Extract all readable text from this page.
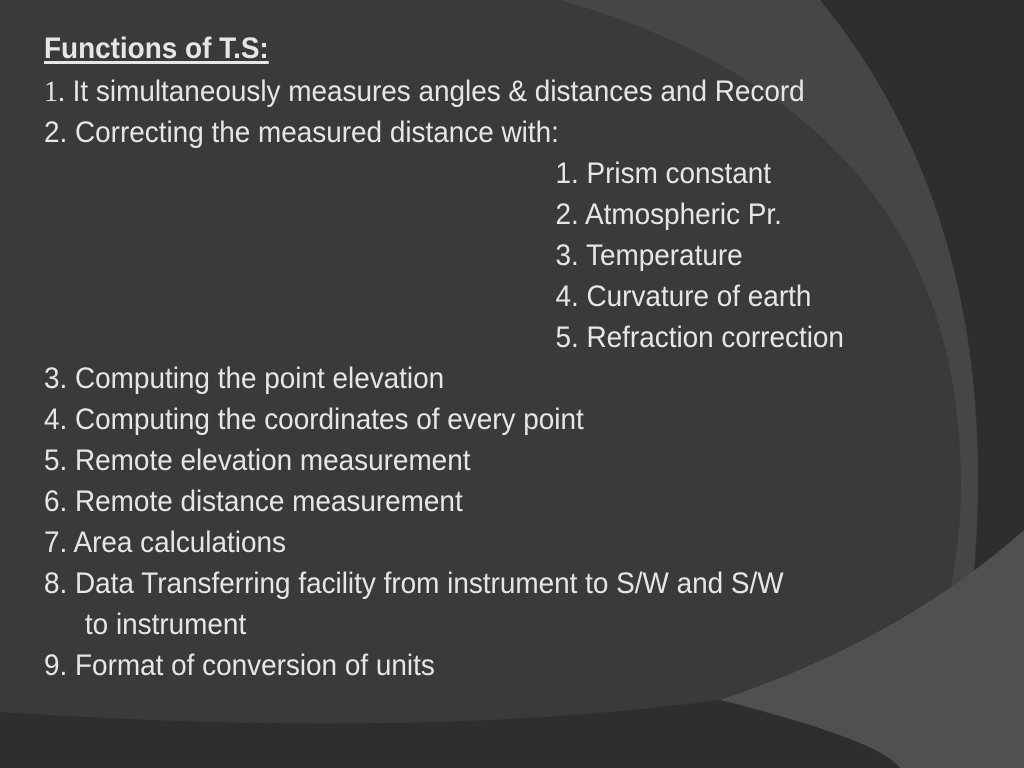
Functions of T.S:
1. It simultaneously measures angles & distances and Record
2. Correcting the measured distance with:
1. Prism constant
2. Atmospheric Pr.
3. Temperature
4. Curvature of earth
5. Refraction correction
3. Computing the point elevation
4. Computing the coordinates of every point
5. Remote elevation measurement
6. Remote distance measurement
7. Area calculations
8. Data Transferring facility from instrument to S/W and S/W
to instrument
9. Format of conversion of units
